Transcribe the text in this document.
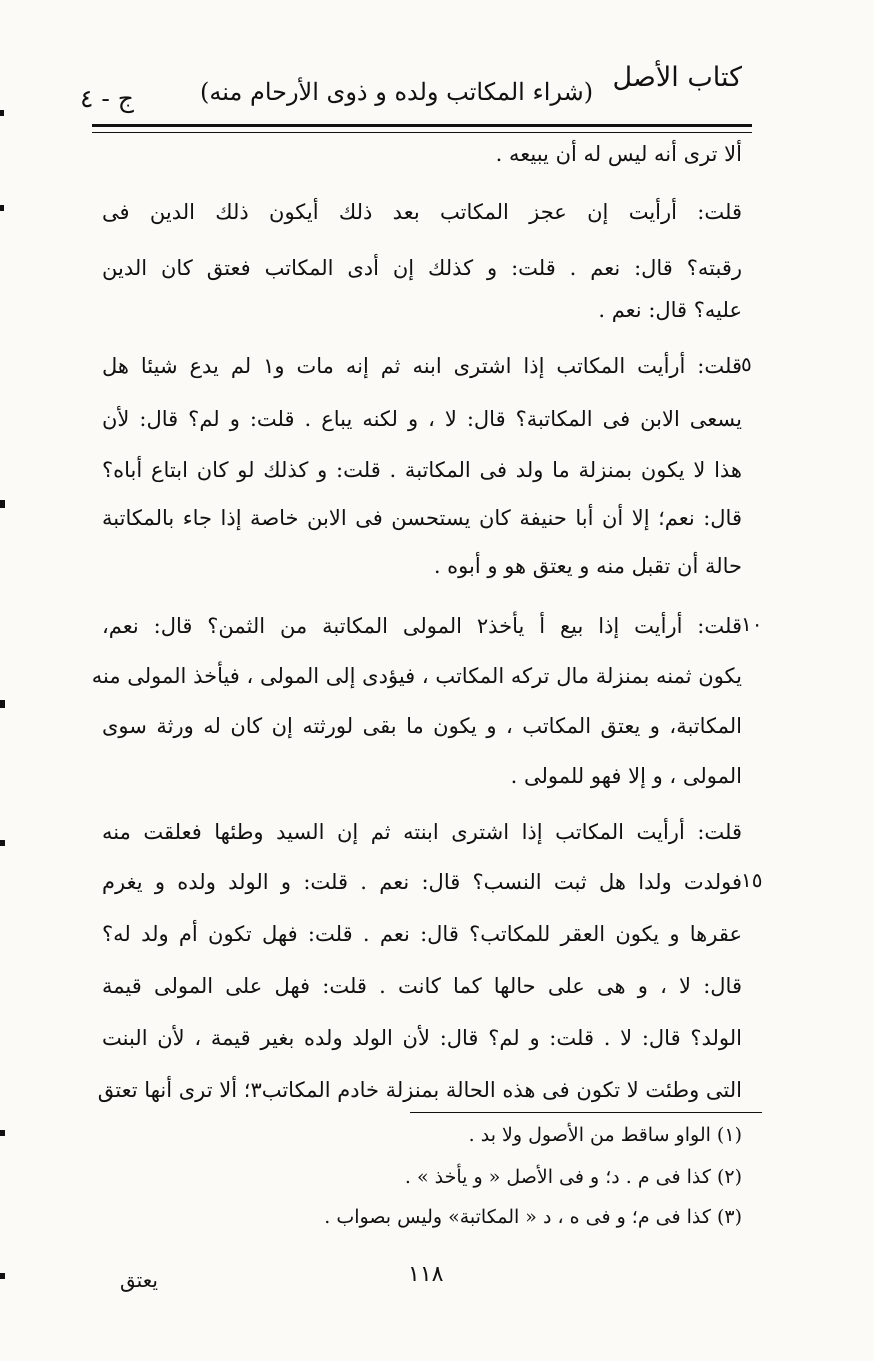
كتاب الأصل
(شراء المكاتب ولده و ذوى الأرحام منه)
ج - ٤
ألا ترى أنه ليس له أن يبيعه .
قلت: أرأيت إن عجز المكاتب بعد ذلك أيكون ذلك الدين فى
رقبته؟ قال: نعم . قلت: و كذلك إن أدى المكاتب فعتق كان الدين
عليه؟ قال: نعم .
٥
قلت: أرأيت المكاتب إذا اشترى ابنه ثم إنه مات و۱ لم يدع شيئا هل
يسعى الابن فى المكاتبة؟ قال: لا ، و لكنه يباع . قلت: و لم؟ قال: لأن
هذا لا يكون بمنزلة ما ولد فى المكاتبة . قلت: و كذلك لو كان ابتاع أباه؟
قال: نعم؛ إلا أن أبا حنيفة كان يستحسن فى الابن خاصة إذا جاء بالمكاتبة
حالة أن تقبل منه و يعتق هو و أبوه .
١٠
قلت: أرأيت إذا بيع أ يأخذ۲ المولى المكاتبة من الثمن؟ قال: نعم،
يكون ثمنه بمنزلة مال تركه المكاتب ، فيؤدى إلى المولى ، فيأخذ المولى منه
المكاتبة، و يعتق المكاتب ، و يكون ما بقى لورثته إن كان له ورثة سوى
المولى ، و إلا فهو للمولى .
قلت: أرأيت المكاتب إذا اشترى ابنته ثم إن السيد وطئها فعلقت منه
١٥
فولدت ولدا هل ثبت النسب؟ قال: نعم . قلت: و الولد ولده و يغرم
عقرها و يكون العقر للمكاتب؟ قال: نعم . قلت: فهل تكون أم ولد له؟
قال: لا ، و هى على حالها كما كانت . قلت: فهل على المولى قيمة
الولد؟ قال: لا . قلت: و لم؟ قال: لأن الولد ولده بغير قيمة ، لأن البنت
التى وطئت لا تكون فى هذه الحالة بمنزلة خادم المكاتب۳؛ ألا ترى أنها تعتق
(١) الواو ساقط من الأصول ولا بد .
(٢) كذا فى م . د؛ و فى الأصل « و يأخذ » .
(٣) كذا فى م؛ و فى ه ، د « المكاتبة» وليس بصواب .
١١٨
يعتق
